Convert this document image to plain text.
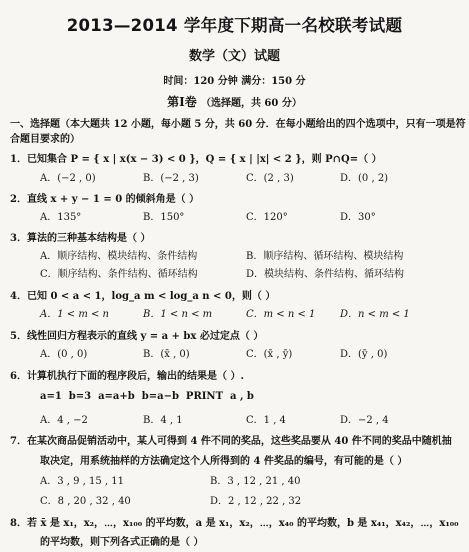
2013—2014 学年度下期高一名校联考试题
数学（文）试题
时间：120 分钟 满分：150 分
第Ⅰ卷 （选择题，共 60 分）
一、选择题（本大题共 12 小题，每小题 5 分，共 60 分．在每小题给出的四个选项中，只有一项是符
合题目要求的）
1．已知集合 P = { x | x(x − 3) < 0 }，Q = { x | |x| < 2 }，则 P∩Q=（ ）
A．(−2 , 0)	B．(−2 , 3)	C．(2 , 3)	D．(0 , 2)
2．直线 x + y − 1 = 0 的倾斜角是（ ）
A．135°	B．150°	C．120°	D．30°
3．算法的三种基本结构是（ ）
A．顺序结构、模块结构、条件结构	B．顺序结构、循环结构、模块结构
C．顺序结构、条件结构、循环结构	D．模块结构、条件结构、循环结构
4．已知 0 < a < 1，log_a m < log_a n < 0，则（ ）
A．1 < m < n	B．1 < n < m	C．m < n < 1 D．n < m < 1
5．线性回归方程表示的直线 y = a + bx 必过定点（ ）
A．(0 , 0)	B．(x̄ , 0)	C．(x̄ , ȳ)	D．(ȳ , 0)
6．计算机执行下面的程序段后，输出的结果是（ ）.
a=1  b=3  a=a+b  b=a−b  PRINT  a , b
A．4 , −2	B．4 , 1	C．1 , 4	D．−2 , 4
7．在某次商品促销活动中，某人可得到 4 件不同的奖品，这些奖品要从 40 件不同的奖品中随机抽
取决定，用系统抽样的方法确定这个人所得到的 4 件奖品的编号，有可能的是（ ）
A．3 , 9 , 15 , 11	B．3 , 12 , 21 , 40
C．8 , 20 , 32 , 40	D．2 , 12 , 22 , 32
8．若 x̄ 是 x₁，x₂，⋯，x₁₀₀ 的平均数，a 是 x₁，x₂，⋯，x₄₀ 的平均数，b 是 x₄₁，x₄₂，⋯，x₁₀₀
的平均数，则下列各式正确的是（ ）
